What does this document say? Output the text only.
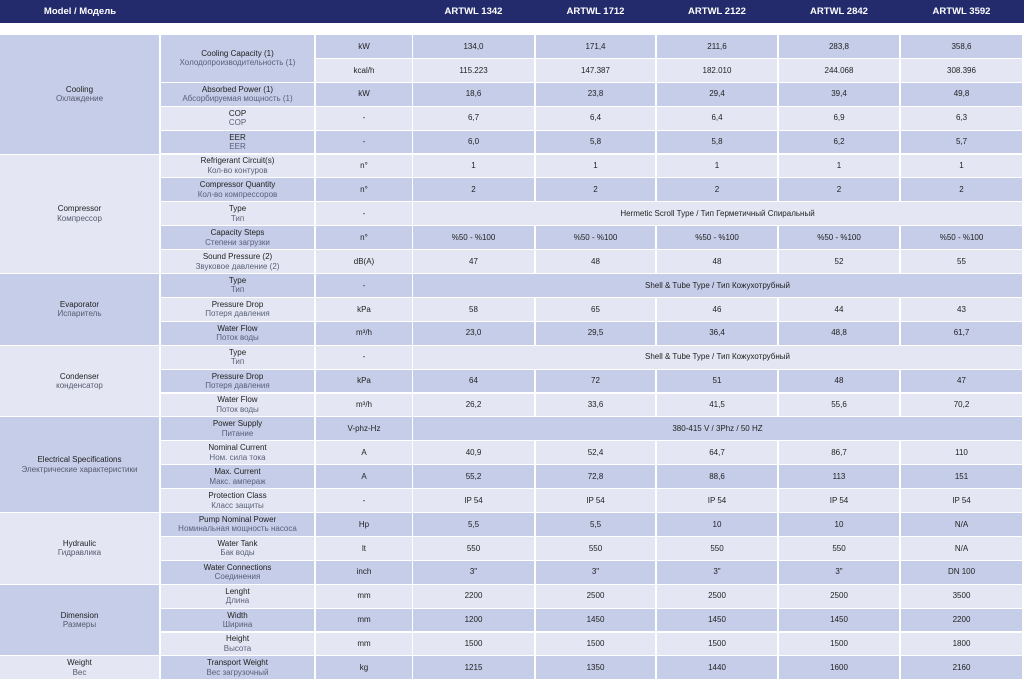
Model / Модель	ARTWL 1342	ARTWL 1712	ARTWL 2122	ARTWL 2842	ARTWL 3592
Cooling
Охлаждение
Cooling Capacity (1)
Холодопроизводительность (1)
kW	134,0	171,4	211,6	283,8	358,6
kcal/h	115.223	147.387	182.010	244.068	308.396
Absorbed Power (1)
Абсорбируемая мощность (1)
kW	18,6	23,8	29,4	39,4	49,8
COP
COP
-	6,7	6,4	6,4	6,9	6,3
EER
EER
-	6,0	5,8	5,8	6,2	5,7
Compressor
Компрессор
Refrigerant Circuit(s)
Кол-во контуров
n°	1	1	1	1	1
Compressor Quantity
Кол-во компрессоров
n°	2	2	2	2	2
Type
Тип
-	Hermetic Scroll Type / Тип Герметичный Спиральный
Capacity Steps
Степени загрузки
n°	%50 - %100	%50 - %100	%50 - %100	%50 - %100	%50 - %100
Sound Pressure (2)
Звуковое давление (2)
dB(A)	47	48	48	52	55
Evaporator
Испаритель
Type
Тип
-	Shell & Tube Type / Тип Кожухотрубный
Pressure Drop
Потеря давления
kPa	58	65	46	44	43
Water Flow
Поток воды
m³/h	23,0	29,5	36,4	48,8	61,7
Condenser
конденсатор
Type
Тип
-	Shell & Tube Type / Тип Кожухотрубный
Pressure Drop
Потеря давления
kPa	64	72	51	48	47
Water Flow
Поток воды
m³/h	26,2	33,6	41,5	55,6	70,2
Electrical Specifications
Электрические характеристики
Power Supply
Питание
V-phz-Hz	380-415 V / 3Phz / 50 HZ
Nominal Current
Ном. сила тока
A	40,9	52,4	64,7	86,7	110
Max. Current
Макс. ампераж
A	55,2	72,8	88,6	113	151
Protection Class
Класс защиты
-	IP 54	IP 54	IP 54	IP 54	IP 54
Hydraulic
Гидравлика
Pump Nominal Power
Номинальная мощность насоса
Hp	5,5	5,5	10	10	N/A
Water Tank
Бак воды
lt	550	550	550	550	N/A
Water Connections
Соединения
inch	3"	3"	3"	3"	DN 100
Dimension
Размеры
Lenght
Длина
mm	2200	2500	2500	2500	3500
Width
Ширина
mm	1200	1450	1450	1450	2200
Height
Высота
mm	1500	1500	1500	1500	1800
Weight
Вес
Transport Weight
Вес загрузочный
kg	1215	1350	1440	1600	2160
